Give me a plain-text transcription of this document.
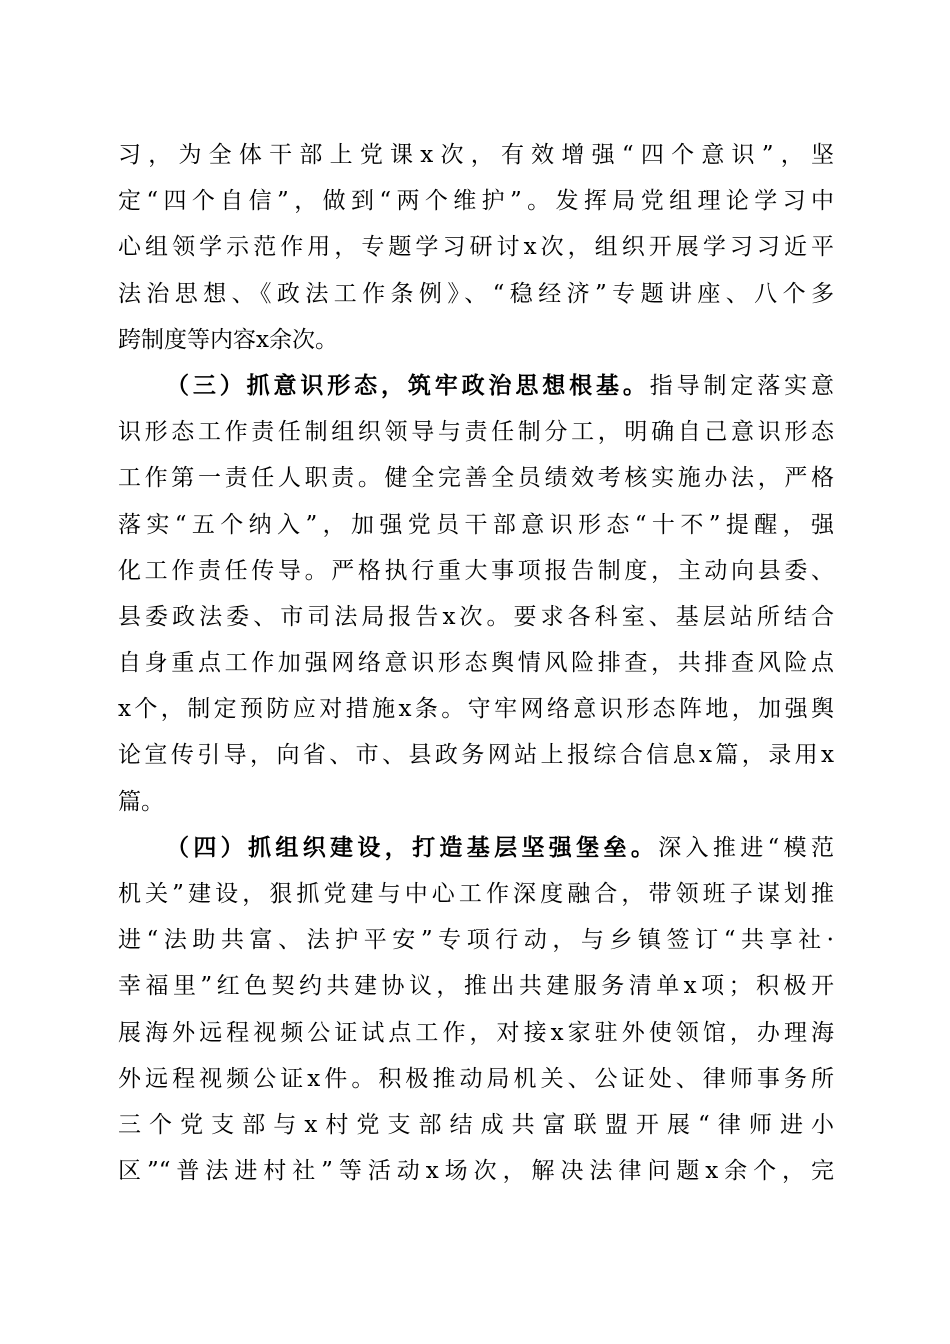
习，为全体干部上党课x次，有效增强“四个意识”，坚
定“四个自信”，做到“两个维护”。发挥局党组理论学习中
心组领学示范作用，专题学习研讨x次，组织开展学习习近平
法治思想、《政法工作条例》、“稳经济”专题讲座、八个多
跨制度等内容x余次。
（三）抓意识形态，筑牢政治思想根基。指导制定落实意
识形态工作责任制组织领导与责任制分工，明确自己意识形态
工作第一责任人职责。健全完善全员绩效考核实施办法，严格
落实“五个纳入”，加强党员干部意识形态“十不”提醒，强
化工作责任传导。严格执行重大事项报告制度，主动向县委、
县委政法委、市司法局报告x次。要求各科室、基层站所结合
自身重点工作加强网络意识形态舆情风险排查，共排查风险点
x个，制定预防应对措施x条。守牢网络意识形态阵地，加强舆
论宣传引导，向省、市、县政务网站上报综合信息x篇，录用x
篇。
（四）抓组织建设，打造基层坚强堡垒。深入推进“模范
机关”建设，狠抓党建与中心工作深度融合，带领班子谋划推
进“法助共富、法护平安”专项行动，与乡镇签订“共享社·
幸福里”红色契约共建协议，推出共建服务清单x项；积极开
展海外远程视频公证试点工作，对接x家驻外使领馆，办理海
外远程视频公证x件。积极推动局机关、公证处、律师事务所
三个党支部与x村党支部结成共富联盟开展“律师进小
区”“普法进村社”等活动x场次，解决法律问题x余个，完
